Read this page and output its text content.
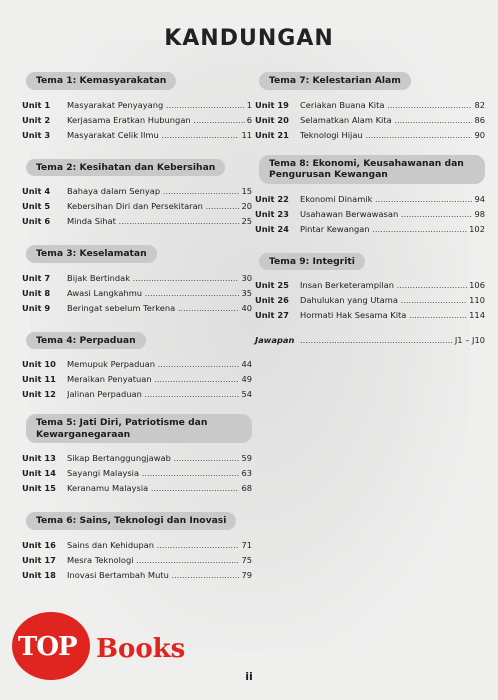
KANDUNGAN
Tema 1: Kemasyarakatan
Unit 1	Masyarakat Penyayang .....	1
Unit 2	Kerjasama Eratkan Hubungan .....	6
Unit 3	Masyarakat Celik Ilmu .....	11
Tema 2: Kesihatan dan Kebersihan
Unit 4	Bahaya dalam Senyap .....	15
Unit 5	Kebersihan Diri dan Persekitaran .....	20
Unit 6	Minda Sihat .....	25
Tema 3: Keselamatan
Unit 7	Bijak Bertindak .....	30
Unit 8	Awasi Langkahmu .....	35
Unit 9	Beringat sebelum Terkena .....	40
Tema 4: Perpaduan
Unit 10	Memupuk Perpaduan .....	44
Unit 11	Meraikan Penyatuan .....	49
Unit 12	Jalinan Perpaduan .....	54
Tema 5: Jati Diri, Patriotisme dan Kewarganegaraan
Unit 13	Sikap Bertanggungjawab .....	59
Unit 14	Sayangi Malaysia .....	63
Unit 15	Keranamu Malaysia .....	68
Tema 6: Sains, Teknologi dan Inovasi
Unit 16	Sains dan Kehidupan .....	71
Unit 17	Mesra Teknologi .....	75
Unit 18	Inovasi Bertambah Mutu .....	79
Tema 7: Kelestarian Alam
Unit 19	Ceriakan Buana Kita .....	82
Unit 20	Selamatkan Alam Kita .....	86
Unit 21	Teknologi Hijau .....	90
Tema 8: Ekonomi, Keusahawanan dan Pengurusan Kewangan
Unit 22	Ekonomi Dinamik .....	94
Unit 23	Usahawan Berwawasan .....	98
Unit 24	Pintar Kewangan .....	102
Tema 9: Integriti
Unit 25	Insan Berketerampilan .....	106
Unit 26	Dahulukan yang Utama .....	110
Unit 27	Hormati Hak Sesama Kita .....	114
Jawapan .....	J1 – J10
TOP Books
ii
